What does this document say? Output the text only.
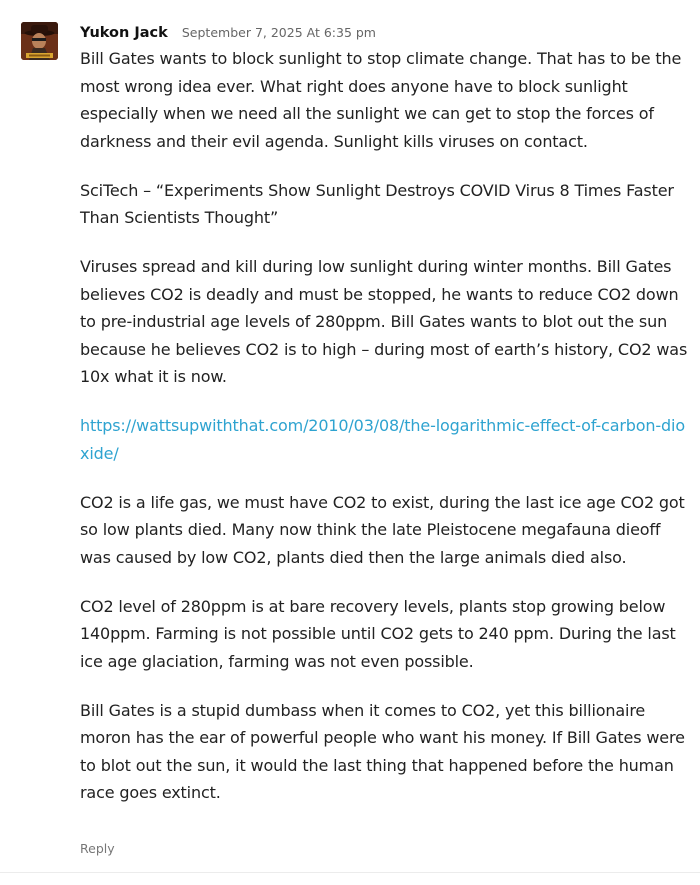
Yukon Jack September 7, 2025 At 6:35 pm

Bill Gates wants to block sunlight to stop climate change. That has to be the most wrong idea ever. What right does anyone have to block sunlight especially when we need all the sunlight we can get to stop the forces of darkness and their evil agenda. Sunlight kills viruses on contact.

SciTech – “Experiments Show Sunlight Destroys COVID Virus 8 Times Faster Than Scientists Thought”

Viruses spread and kill during low sunlight during winter months. Bill Gates believes CO2 is deadly and must be stopped, he wants to reduce CO2 down to pre-industrial age levels of 280ppm. Bill Gates wants to blot out the sun because he believes CO2 is to high – during most of earth’s history, CO2 was 10x what it is now.

https://wattsupwiththat.com/2010/03/08/the-logarithmic-effect-of-carbon-dioxide/

CO2 is a life gas, we must have CO2 to exist, during the last ice age CO2 got so low plants died. Many now think the late Pleistocene megafauna dieoff was caused by low CO2, plants died then the large animals died also.

CO2 level of 280ppm is at bare recovery levels, plants stop growing below 140ppm. Farming is not possible until CO2 gets to 240 ppm. During the last ice age glaciation, farming was not even possible.

Bill Gates is a stupid dumbass when it comes to CO2, yet this billionaire moron has the ear of powerful people who want his money. If Bill Gates were to blot out the sun, it would the last thing that happened before the human race goes extinct.

Reply
